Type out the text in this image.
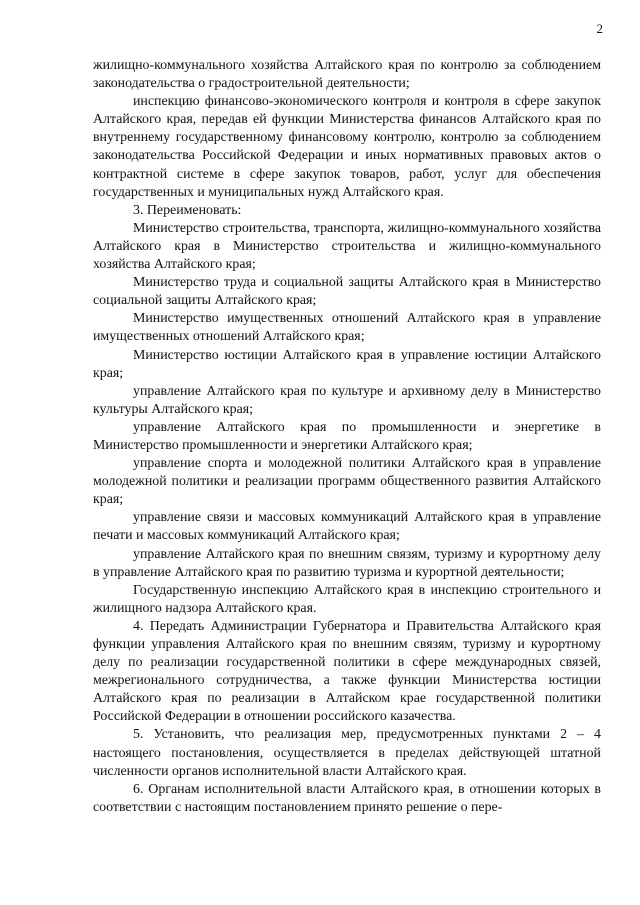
2

жилищно-коммунального хозяйства Алтайского края по контролю за соблюдением законодательства о градостроительной деятельности;

инспекцию финансово-экономического контроля и контроля в сфере закупок Алтайского края, передав ей функции Министерства финансов Алтайского края по внутреннему государственному финансовому контролю, контролю за соблюдением законодательства Российской Федерации и иных нормативных правовых актов о контрактной системе в сфере закупок товаров, работ, услуг для обеспечения государственных и муниципальных нужд Алтайского края.

3. Переименовать:

Министерство строительства, транспорта, жилищно-коммунального хозяйства Алтайского края в Министерство строительства и жилищно-коммунального хозяйства Алтайского края;

Министерство труда и социальной защиты Алтайского края в Министерство социальной защиты Алтайского края;

Министерство имущественных отношений Алтайского края в управление имущественных отношений Алтайского края;

Министерство юстиции Алтайского края в управление юстиции Алтайского края;

управление Алтайского края по культуре и архивному делу в Министерство культуры Алтайского края;

управление Алтайского края по промышленности и энергетике в Министерство промышленности и энергетики Алтайского края;

управление спорта и молодежной политики Алтайского края в управление молодежной политики и реализации программ общественного развития Алтайского края;

управление связи и массовых коммуникаций Алтайского края в управление печати и массовых коммуникаций Алтайского края;

управление Алтайского края по внешним связям, туризму и курортному делу в управление Алтайского края по развитию туризма и курортной деятельности;

Государственную инспекцию Алтайского края в инспекцию строительного и жилищного надзора Алтайского края.

4. Передать Администрации Губернатора и Правительства Алтайского края функции управления Алтайского края по внешним связям, туризму и курортному делу по реализации государственной политики в сфере международных связей, межрегионального сотрудничества, а также функции Министерства юстиции Алтайского края по реализации в Алтайском крае государственной политики Российской Федерации в отношении российского казачества.

5. Установить, что реализация мер, предусмотренных пунктами 2 – 4 настоящего постановления, осуществляется в пределах действующей штатной численности органов исполнительной власти Алтайского края.

6. Органам исполнительной власти Алтайского края, в отношении которых в соответствии с настоящим постановлением принято решение о пере-
